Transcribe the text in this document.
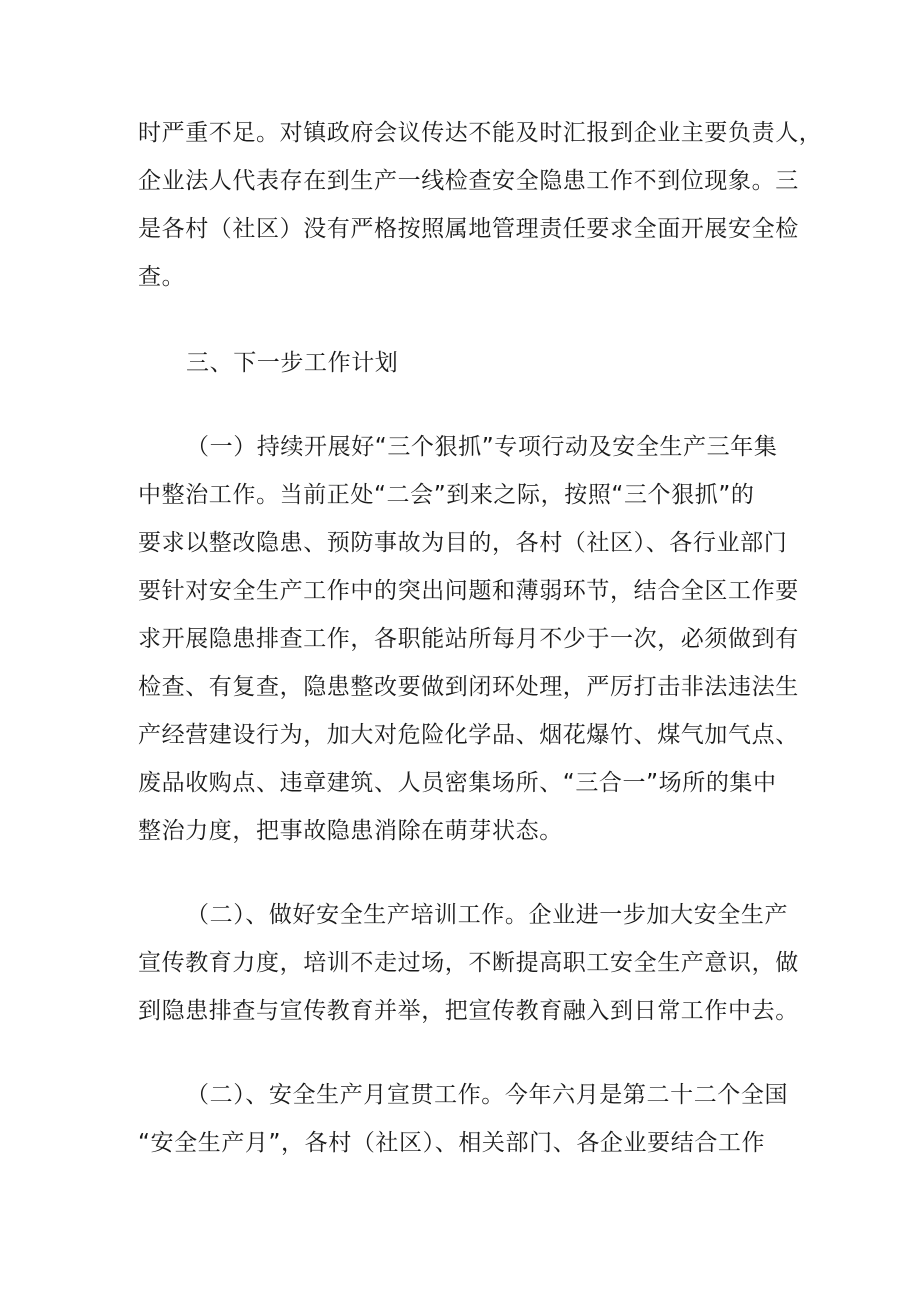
时严重不足。对镇政府会议传达不能及时汇报到企业主要负责人，
企业法人代表存在到生产一线检查安全隐患工作不到位现象。三
是各村（社区）没有严格按照属地管理责任要求全面开展安全检
查。
三、下一步工作计划
（一）持续开展好“三个狠抓”专项行动及安全生产三年集
中整治工作。当前正处“二会”到来之际，按照“三个狠抓”的
要求以整改隐患、预防事故为目的，各村（社区）、各行业部门
要针对安全生产工作中的突出问题和薄弱环节，结合全区工作要
求开展隐患排查工作，各职能站所每月不少于一次，必须做到有
检查、有复查，隐患整改要做到闭环处理，严厉打击非法违法生
产经营建设行为，加大对危险化学品、烟花爆竹、煤气加气点、
废品收购点、违章建筑、人员密集场所、“三合一”场所的集中
整治力度，把事故隐患消除在萌芽状态。
（二）、做好安全生产培训工作。企业进一步加大安全生产
宣传教育力度，培训不走过场，不断提高职工安全生产意识，做
到隐患排查与宣传教育并举，把宣传教育融入到日常工作中去。
（二）、安全生产月宣贯工作。今年六月是第二十二个全国
“安全生产月”，各村（社区）、相关部门、各企业要结合工作
